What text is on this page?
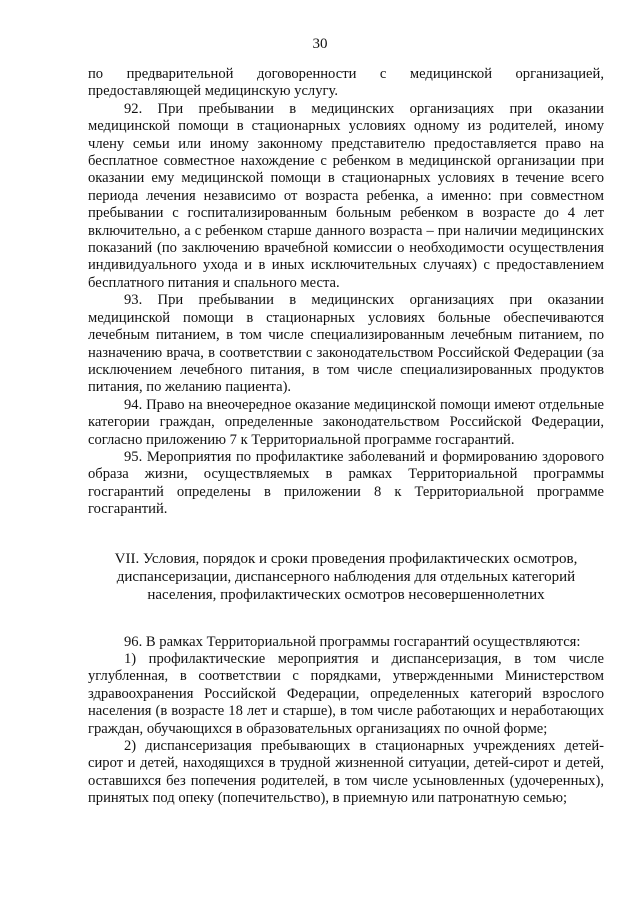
30

по предварительной договоренности с медицинской организацией, предоставляющей медицинскую услугу.

92. При пребывании в медицинских организациях при оказании медицинской помощи в стационарных условиях одному из родителей, иному члену семьи или иному законному представителю предоставляется право на бесплатное совместное нахождение с ребенком в медицинской организации при оказании ему медицинской помощи в стационарных условиях в течение всего периода лечения независимо от возраста ребенка, а именно: при совместном пребывании с госпитализированным больным ребенком в возрасте до 4 лет включительно, а с ребенком старше данного возраста – при наличии медицинских показаний (по заключению врачебной комиссии о необходимости осуществления индивидуального ухода и в иных исключительных случаях) с предоставлением бесплатного питания и спального места.

93. При пребывании в медицинских организациях при оказании медицинской помощи в стационарных условиях больные обеспечиваются лечебным питанием, в том числе специализированным лечебным питанием, по назначению врача, в соответствии с законодательством Российской Федерации (за исключением лечебного питания, в том числе специализированных продуктов питания, по желанию пациента).

94. Право на внеочередное оказание медицинской помощи имеют отдельные категории граждан, определенные законодательством Российской Федерации, согласно приложению 7 к Территориальной программе госгарантий.

95. Мероприятия по профилактике заболеваний и формированию здорового образа жизни, осуществляемых в рамках Территориальной программы госгарантий определены в приложении 8 к Территориальной программе госгарантий.

VII. Условия, порядок и сроки проведения профилактических осмотров, диспансеризации, диспансерного наблюдения для отдельных категорий населения, профилактических осмотров несовершеннолетних

96. В рамках Территориальной программы госгарантий осуществляются:

1) профилактические мероприятия и диспансеризация, в том числе углубленная, в соответствии с порядками, утвержденными Министерством здравоохранения Российской Федерации, определенных категорий взрослого населения (в возрасте 18 лет и старше), в том числе работающих и неработающих граждан, обучающихся в образовательных организациях по очной форме;

2) диспансеризация пребывающих в стационарных учреждениях детей-сирот и детей, находящихся в трудной жизненной ситуации, детей-сирот и детей, оставшихся без попечения родителей, в том числе усыновленных (удочеренных), принятых под опеку (попечительство), в приемную или патронатную семью;
